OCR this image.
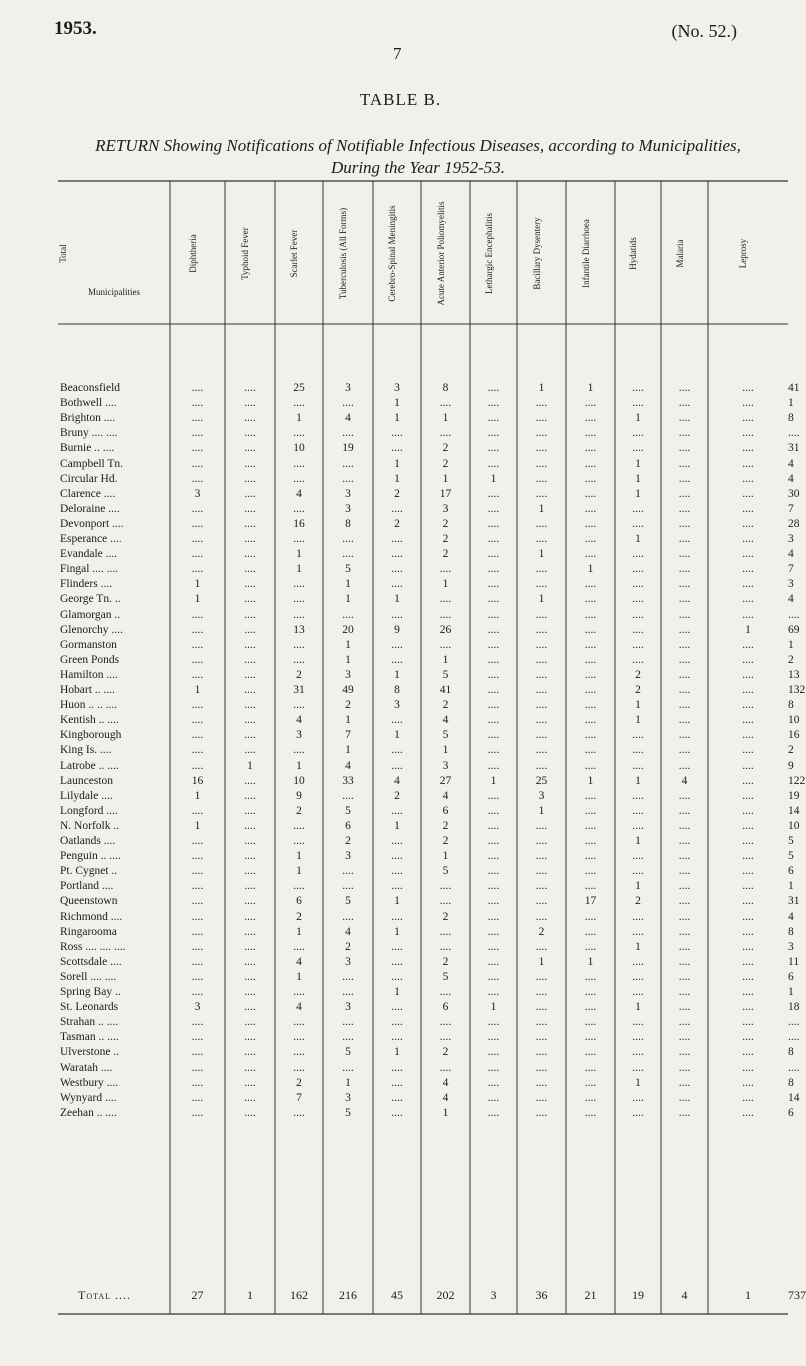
1953.
7
(No. 52.)
TABLE B.
RETURN Showing Notifications of Notifiable Infectious Diseases, according to Municipalities,
During the Year 1952-53.
Municipalities
Diphtheria	Typhoid Fever	Scarlet Fever	Tuberculosis (All Forms)	Cerebro-Spinal Meningitis	Acute Anterior Poliomyelitis	Lethargic Encephalitis	Bacillary Dysentery	Infantile Diarrhoea	Hydatids	Malaria	Leprosy
Total
Beaconsfield	....	....	25	3	3	8	....	1	1	....	....	....	41
Bothwell ....	....	....	....	....	1	....	....	....	....	....	....	....	1
Brighton ....	....	....	1	4	1	1	....	....	....	1	....	....	8
Bruny .... ....	....	....	....	....	....	....	....	....	....	....	....	....	....
Burnie .. ....	....	....	10	19	....	2	....	....	....	....	....	....	31
Campbell Tn.	....	....	....	....	1	2	....	....	....	1	....	....	4
Circular Hd.	....	....	....	....	1	1	1	....	....	1	....	....	4
Clarence ....	3	....	4	3	2	17	....	....	....	1	....	....	30
Deloraine ....	....	....	....	3	....	3	....	1	....	....	....	....	7
Devonport ....	....	....	16	8	2	2	....	....	....	....	....	....	28
Esperance ....	....	....	....	....	....	2	....	....	....	1	....	....	3
Evandale ....	....	....	1	....	....	2	....	1	....	....	....	....	4
Fingal .... ....	....	....	1	5	....	....	....	....	1	....	....	....	7
Flinders ....	1	....	....	1	....	1	....	....	....	....	....	....	3
George Tn. ..	1	....	....	1	1	....	....	1	....	....	....	....	4
Glamorgan ..	....	....	....	....	....	....	....	....	....	....	....	....	....
Glenorchy ....	....	....	13	20	9	26	....	....	....	....	....	1	69
Gormanston	....	....	....	1	....	....	....	....	....	....	....	....	1
Green Ponds	....	....	....	1	....	1	....	....	....	....	....	....	2
Hamilton ....	....	....	2	3	1	5	....	....	....	2	....	....	13
Hobart .. ....	1	....	31	49	8	41	....	....	....	2	....	....	132
Huon .. .. ....	....	....	....	2	3	2	....	....	....	1	....	....	8
Kentish .. ....	....	....	4	1	....	4	....	....	....	1	....	....	10
Kingborough	....	....	3	7	1	5	....	....	....	....	....	....	16
King Is. ....	....	....	....	1	....	1	....	....	....	....	....	....	2
Latrobe .. ....	....	1	1	4	....	3	....	....	....	....	....	....	9
Launceston	16	....	10	33	4	27	1	25	1	1	4	....	122
Lilydale ....	1	....	9	....	2	4	....	3	....	....	....	....	19
Longford ....	....	....	2	5	....	6	....	1	....	....	....	....	14
N. Norfolk ..	1	....	....	6	1	2	....	....	....	....	....	....	10
Oatlands ....	....	....	....	2	....	2	....	....	....	1	....	....	5
Penguin .. ....	....	....	1	3	....	1	....	....	....	....	....	....	5
Pt. Cygnet ..	....	....	1	....	....	5	....	....	....	....	....	....	6
Portland ....	....	....	....	....	....	....	....	....	....	1	....	....	1
Queenstown	....	....	6	5	1	....	....	....	17	2	....	....	31
Richmond ....	....	....	2	....	....	2	....	....	....	....	....	....	4
Ringarooma	....	....	1	4	1	....	....	2	....	....	....	....	8
Ross .... .... ....	....	....	....	2	....	....	....	....	....	1	....	....	3
Scottsdale ....	....	....	4	3	....	2	....	1	1	....	....	....	11
Sorell .... ....	....	....	1	....	....	5	....	....	....	....	....	....	6
Spring Bay ..	....	....	....	....	1	....	....	....	....	....	....	....	1
St. Leonards	3	....	4	3	....	6	1	....	....	1	....	....	18
Strahan .. ....	....	....	....	....	....	....	....	....	....	....	....	....	....
Tasman .. ....	....	....	....	....	....	....	....	....	....	....	....	....	....
Ulverstone ..	....	....	....	5	1	2	....	....	....	....	....	....	8
Waratah ....	....	....	....	....	....	....	....	....	....	....	....	....	....
Westbury ....	....	....	2	1	....	4	....	....	....	1	....	....	8
Wynyard ....	....	....	7	3	....	4	....	....	....	....	....	....	14
Zeehan .. ....	....	....	....	5	....	1	....	....	....	....	....	....	6
Total ....	27	1	162	216	45	202	3	36	21	19	4	1	737
